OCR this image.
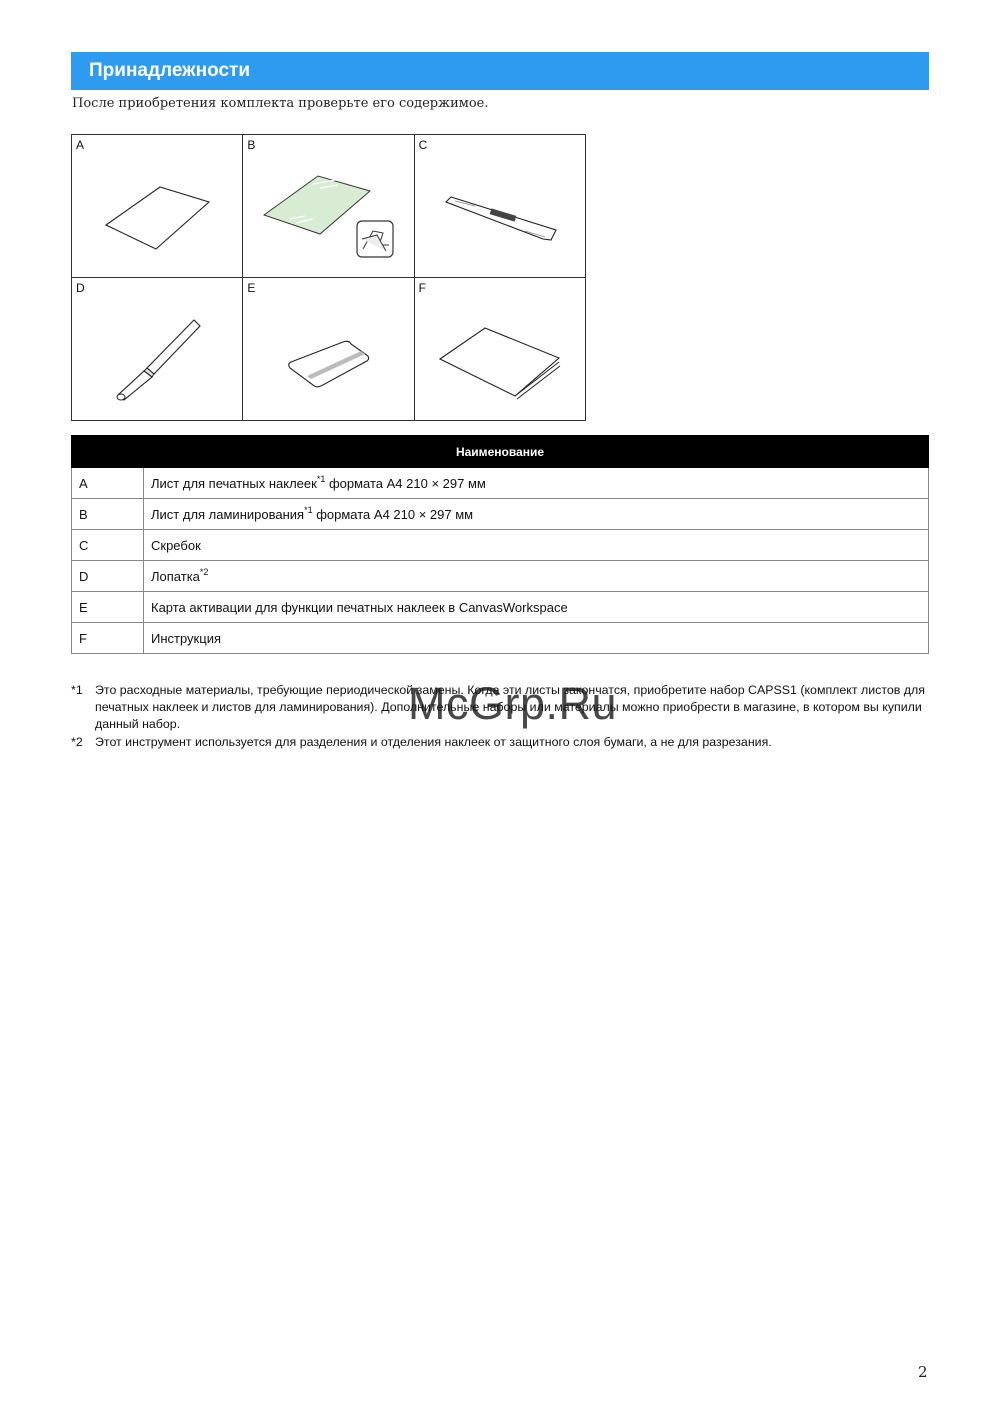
Принадлежности
После приобретения комплекта проверьте его содержимое.
A	B	C

D	E	F
Наименование	
A	Лист для печатных наклеек$^{*1}$ формата А4 210 × 297 мм
B	Лист для ламинирования$^{*1}$ формата А4 210 × 297 мм
C	Скребок
D	Лопатка$^{*2}$
E	Карта активации для функции печатных наклеек в CanvasWorkspace
F	Инструкция
*1 Это расходные материалы, требующие периодической замены. Когда эти листы закончатся, приобретите набор CAPSS1 (комплект листов для печатных наклеек и листов для ламинирования). Дополнительные наборы или материалы можно приобрести в магазине, в котором вы купили данный набор.
*2 Этот инструмент используется для разделения и отделения наклеек от защитного слоя бумаги, а не для разрезания.
McGrp.Ru
2
